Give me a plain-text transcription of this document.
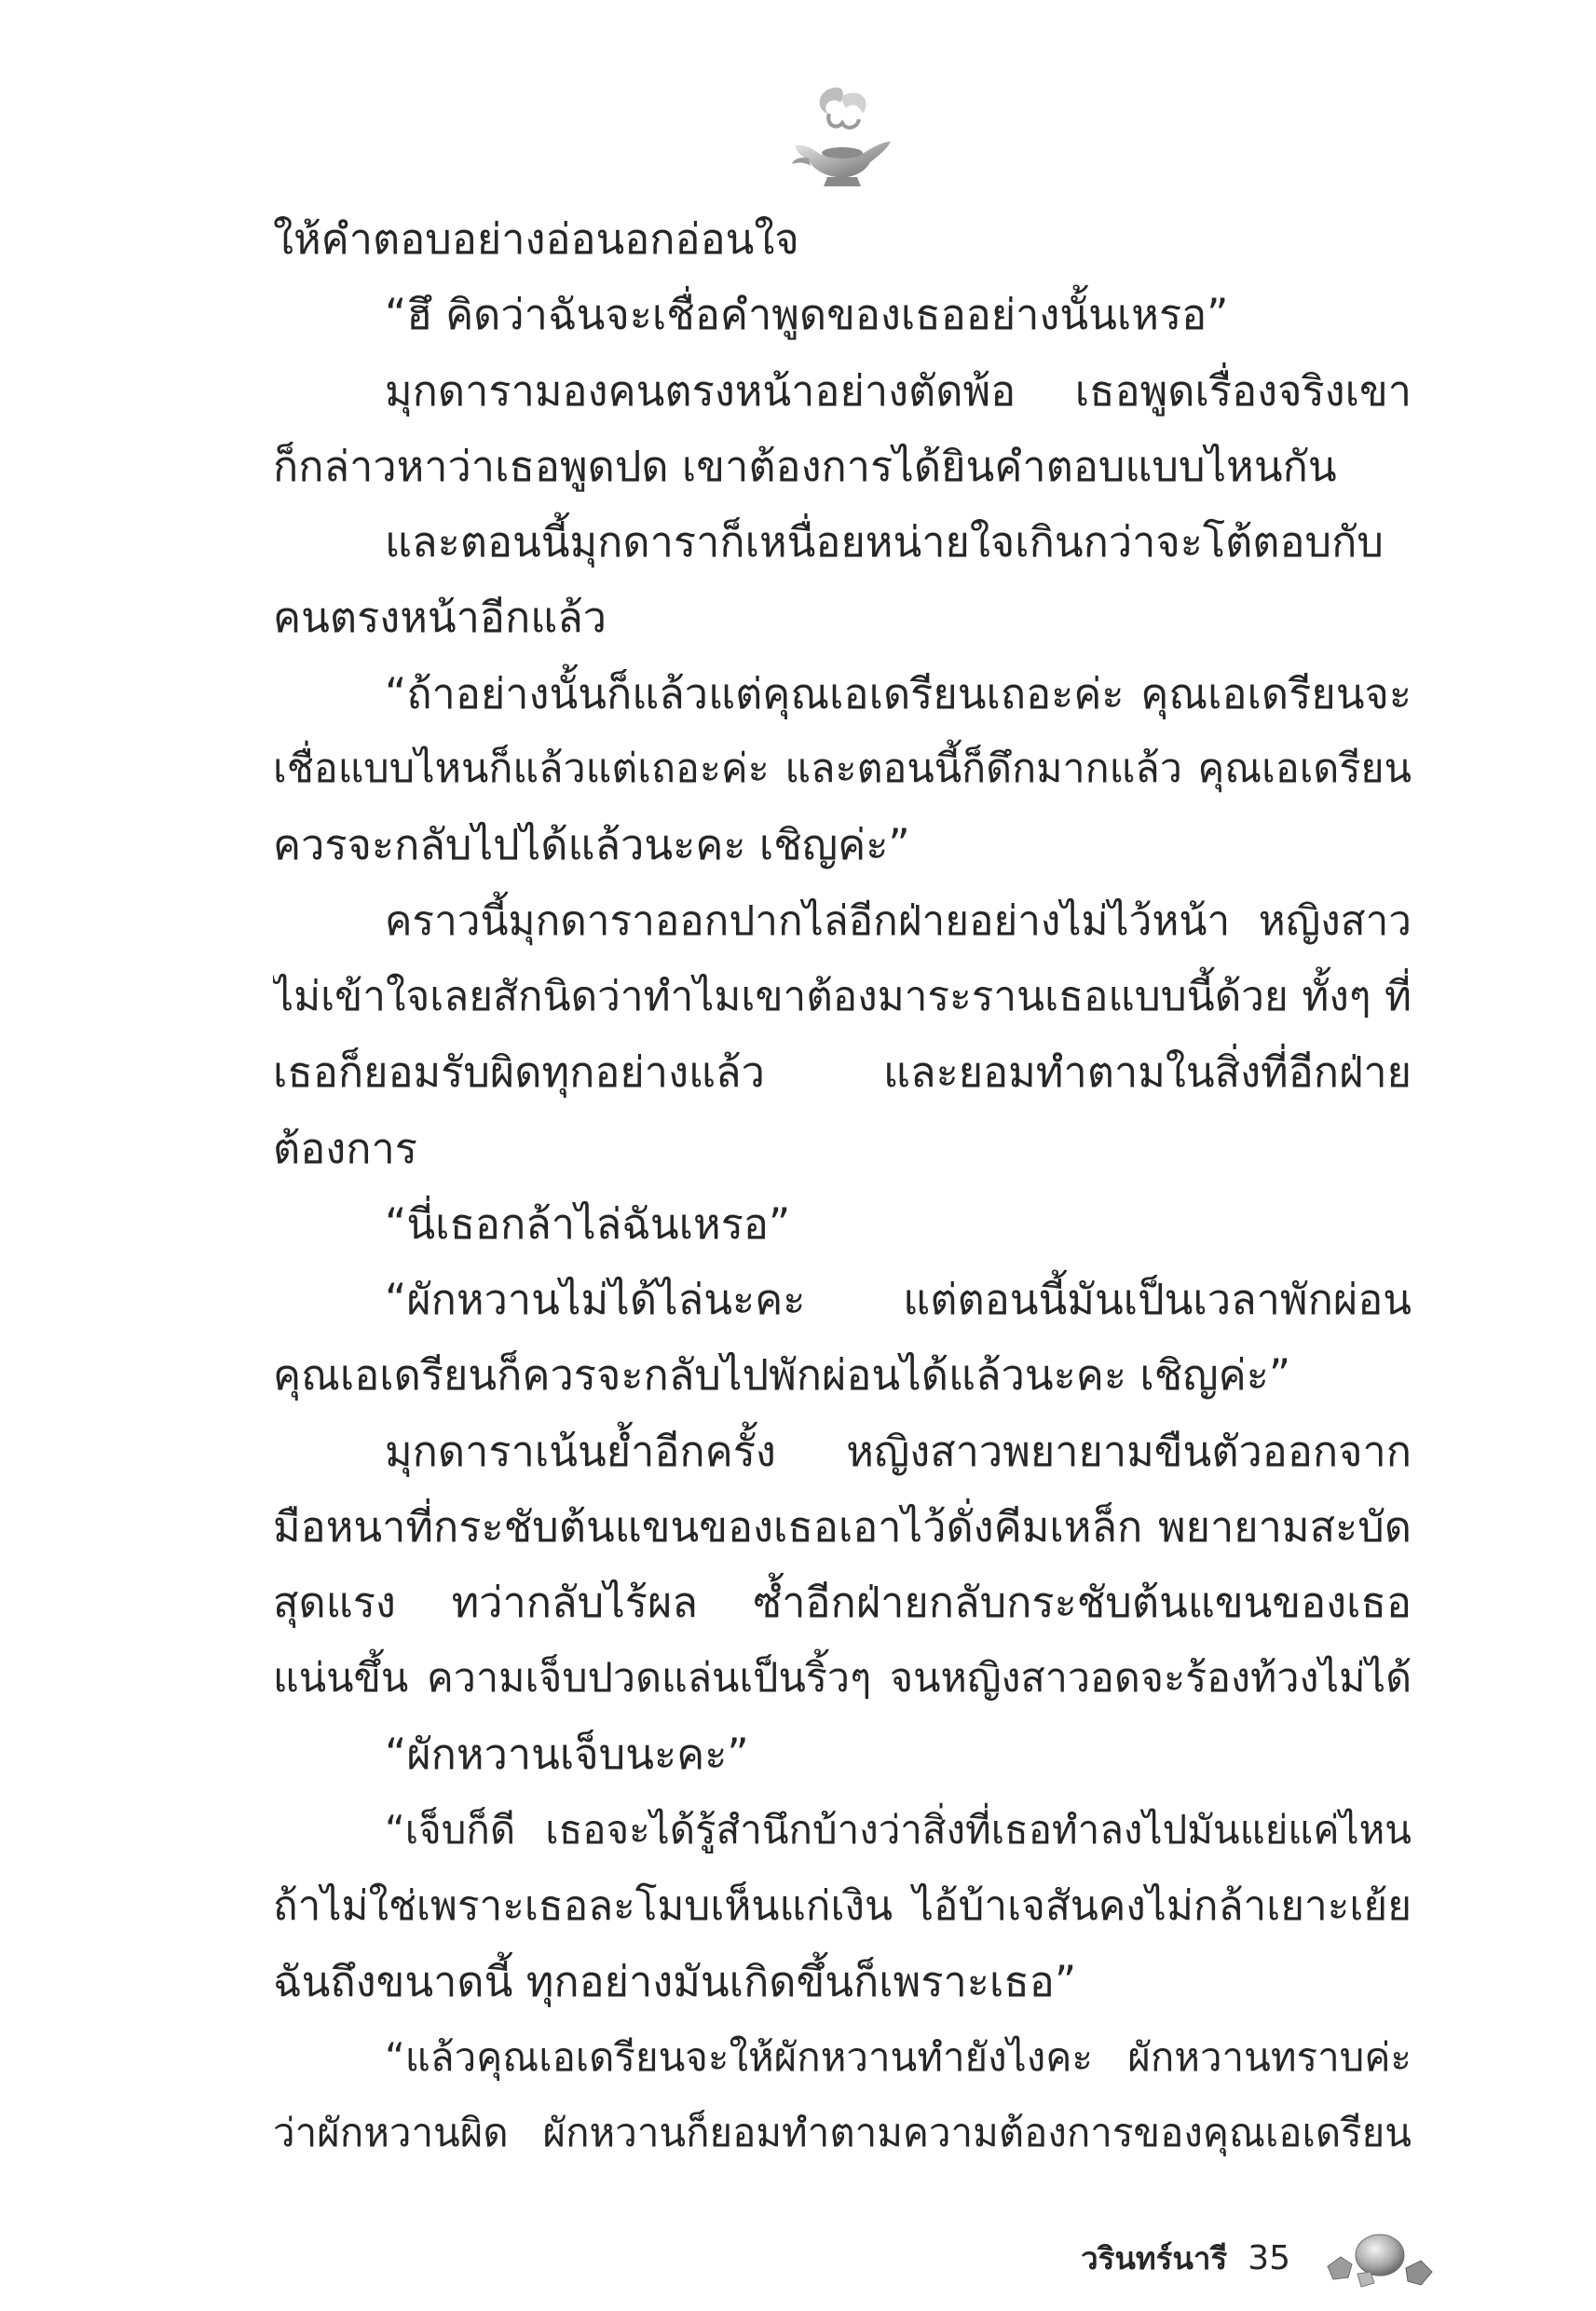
ให้คำตอบอย่างอ่อนอกอ่อนใจ
“ฮึ คิดว่าฉันจะเชื่อคำพูดของเธออย่างนั้นเหรอ”
มุกดารามองคนตรงหน้าอย่างตัดพ้อ เธอพูดเรื่องจริงเขา
ก็กล่าวหาว่าเธอพูดปด เขาต้องการได้ยินคำตอบแบบไหนกัน
และตอนนี้มุกดาราก็เหนื่อยหน่ายใจเกินกว่าจะโต้ตอบกับ
คนตรงหน้าอีกแล้ว
“ถ้าอย่างนั้นก็แล้วแต่คุณเอเดรียนเถอะค่ะ คุณเอเดรียนจะ
เชื่อแบบไหนก็แล้วแต่เถอะค่ะ และตอนนี้ก็ดึกมากแล้ว คุณเอเดรียน
ควรจะกลับไปได้แล้วนะคะ เชิญค่ะ”
คราวนี้มุกดาราออกปากไล่อีกฝ่ายอย่างไม่ไว้หน้า หญิงสาว
ไม่เข้าใจเลยสักนิดว่าทำไมเขาต้องมาระรานเธอแบบนี้ด้วย ทั้งๆ ที่
เธอก็ยอมรับผิดทุกอย่างแล้ว และยอมทำตามในสิ่งที่อีกฝ่าย
ต้องการ
“นี่เธอกล้าไล่ฉันเหรอ”
“ผักหวานไม่ได้ไล่นะคะ แต่ตอนนี้มันเป็นเวลาพักผ่อน
คุณเอเดรียนก็ควรจะกลับไปพักผ่อนได้แล้วนะคะ เชิญค่ะ”
มุกดาราเน้นย้ำอีกครั้ง หญิงสาวพยายามขืนตัวออกจาก
มือหนาที่กระชับต้นแขนของเธอเอาไว้ดั่งคีมเหล็ก พยายามสะบัด
สุดแรง ทว่ากลับไร้ผล ซ้ำอีกฝ่ายกลับกระชับต้นแขนของเธอ
แน่นขึ้น ความเจ็บปวดแล่นเป็นริ้วๆ จนหญิงสาวอดจะร้องท้วงไม่ได้
“ผักหวานเจ็บนะคะ”
“เจ็บก็ดี เธอจะได้รู้สำนึกบ้างว่าสิ่งที่เธอทำลงไปมันแย่แค่ไหน
ถ้าไม่ใช่เพราะเธอละโมบเห็นแก่เงิน ไอ้บ้าเจสันคงไม่กล้าเยาะเย้ย
ฉันถึงขนาดนี้ ทุกอย่างมันเกิดขึ้นก็เพราะเธอ”
“แล้วคุณเอเดรียนจะให้ผักหวานทำยังไงคะ ผักหวานทราบค่ะ
ว่าผักหวานผิด ผักหวานก็ยอมทำตามความต้องการของคุณเอเดรียน
วรินทร์นารี 35
